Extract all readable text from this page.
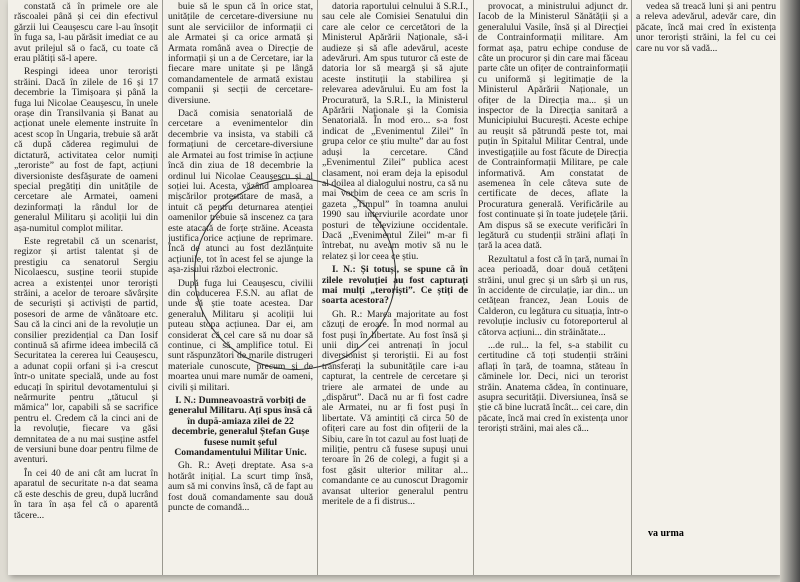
constată că în primele ore ale răscoalei până și cei din efectivul gărzii lui Ceaușescu care l-au însoțit în fuga sa, l-au părăsit imediat ce au avut prilejul să o facă, cu toate că erau plătiți să-l apere.

Respingi ideea unor teroriști străini. Dacă în zilele de 16 și 17 decembrie la Timișoara și până la fuga lui Nicolae Ceaușescu, în unele orașe din Transilvania și Banat au acționat unele elemente instruite în acest scop în Ungaria, trebuie să arăt că după căderea regimului de dictatură, activitatea celor numiți „teroriste” au fost de fapt, acțiuni diversioniste desfășurate de oameni special pregătiți din unitățile de cercetare ale Armatei, oameni dezinformați la rândul lor de generalul Militaru și acoliții lui din așa-numitul complot militar.

Este regretabil că un scenarist, regizor și artist talentat și de prestigiu ca senatorul Sergiu Nicolaescu, susține teorii stupide acrea a existenței unor teroriști străini, a acelor de teroare săvârșite de securiști și activiști de partid, posesori de arme de vânătoare etc. Sau că la cinci ani de la revoluție un consilier prezidențial ca Dan Iosif continuă să afirme ideea imbecilă că Securitatea la cererea lui Ceaușescu, a adunat copii orfani și i-a crescut într-o unitate specială, unde au fost educați în spiritul devotamentului și neărmurite pentru „tătucul și mămica” lor, capabili să se sacrifice pentru el. Credem că la cinci ani de la revoluție, fiecare va găsi demnitatea de a nu mai susține astfel de versiuni bune doar pentru filme de aventuri.

În cei 40 de ani cât am lucrat în aparatul de securitate n-a dat seama că este deschis de greu, după lucrând în tara în așa fel că o aparentă tăcere...

buie să le spun că în orice stat, unitățile de cercetare-diversiune nu sunt ale serviciilor de informații ci ale Armatei și ca orice armată și Armata română avea o Direcție de informații și un a de Cercetare, iar la fiecare mare unitate și pe lângă comandamentele de armată existau companii și secții de cercetare-diversiune.

Dacă comisia senatorială de cercetare a evenimentelor din decembrie va insista, va stabili că formațiuni de cercetare-diversiune ale Armatei au fost trimise în acțiune încă din ziua de 18 decembrie la ordinul lui Nicolae Ceaușescu și al soției lui. Acesta, văzând amploarea mișcărilor protestatare de masă, a intuit că pentru deturnarea atenției oamenilor trebuie să inscenez ca țara este atacată de forțe străine. Aceasta justifica orice acțiune de reprimare. Încă de atunci au fost dezlănțuite acțiunile, tot în acest fel se ajunge la așa-zisului război electronic.

După fuga lui Ceaușescu, civilii din conducerea F.S.N. au aflat de unde să știe toate acestea. Dar generalul Militaru și acoliții lui puteau stopa acțiunea. Dar ei, am considerat că cel care să nu doar să continue, ci să amplifice totul. Ei sunt răspunzători de marile distrugeri materiale cunoscute, precum și de moartea unui mare număr de oameni, civili și militari.

I. N.: Dumneavoastră vorbiți de generalul Militaru. Ați spus însă că în după-amiaza zilei de 22 decembrie, generalul Ștefan Gușe fusese numit șeful Comandamentului Militar Unic.

Gh. R.: Aveți dreptate. Asa s-a hotărât inițial. La scurt timp însă, aum să mi convins însă, că de fapt au fost două comandamente sau două puncte de comandă...

datoria raportului celnului ă S.R.I., sau cele ale Comisiei Senatului din care ale celor ce cercetători de la Ministerul Apărării Naționale, să-i audieze și să afle adevărul, aceste adevăruri. Am spus tuturor că este de datoria lor să meargă și să ajute aceste instituții la stabilirea și relevarea adevărului. Eu am fost la Procuratură, la S.R.I., la Ministerul Apărării Naționale și la Comisia Senatorială. În mod ero... s-a fost indicat de „Evenimentul Zilei” în grupa celor ce știu multe” dar au fost aduși la cercetare. Când „Evenimentul Zilei” publica acest clasament, noi eram deja la episodul al doilea al dialogului nostru, ca să nu mai vorbim de ceea ce am scris în gazeta „Timpul” în toamna anului 1990 sau interviurile acordate unor posturi de televiziune occidentale. Dacă „Evenimentul Zilei” m-ar fi întrebat, nu aveam motiv să nu le relatez și lor ceea ce știu.

I. N.: Și totuși, se spune că în zilele revoluției au fost capturați mai mulți „teroriști”. Ce știți de soarta acestora?

Gh. R.: Marea majoritate au fost căzuți de eroare. În mod normal au fost puși în libertate. Au fost însă și unii din cei antrenați în jocul diversionist și teroriștii. Ei au fost transferați la subunitățile care i-au capturat, la centrele de cercetare și triere ale armatei de unde au „dispărut”. Dacă nu ar fi fost cadre ale Armatei, nu ar fi fost puși în libertate. Vă amintiți că circa 50 de ofițeri care au fost din ofițerii de la Sibiu, care în tot cazul au fost luați de miliție, pentru că fusese supuși unui teroare în 26 de colegi, a fugit și a fost găsit ulterior militar al... comandante ce au cunoscut Dragomir avansat ulterior generalul pentru meritele de a fi distrus...

provocat, a ministrului adjunct dr. Iacob de la Ministerul Sănătății și a generalului Vasile, însă și al Direcției de Contrainformații militare. Am format așa, patru echipe conduse de câte un procuror și din care mai făceau parte câte un ofițer de contrainformații cu uniformă și legitimație de la Ministerul Apărării Naționale, un ofițer de la Direcția ma... și un inspector de la Direcția sanitară a Municipiului București. Aceste echipe au reușit să pătrundă peste tot, mai puțin în Spitalul Militar Central, unde investigațiile au fost făcute de Direcția de Contrainformații Militare, pe cale informativă. Am constatat de asemenea în cele câteva sute de certificate de deces, aflate la Procuratura generală. Verificările au fost continuate și în toate județele țării. Am dispus să se execute verificări în legătură cu studenții străini aflați în țară la acea dată.

Rezultatul a fost că în țară, numai în acea perioadă, doar două cetățeni străini, unul grec și un sârb și un rus, în accidente de circulație, iar din... un cetățean francez, Jean Louis de Calderon, cu legătura cu situația, într-o revoluție inclusiv cu fotoreporterul al cătorva acțiuni... din străinătate...

...de rul... la fel, s-a stabilit cu certitudine că toți studenții străini aflați în țară, de toamna, stăteau în căminele lor. Deci, nici un terorist străin. Anatema cădea, în continuare, asupra securității. Diversiunea, însă se știe că bine lucrată încât... cei care, din păcate, încă mai cred în existența unor teroriști străini, mai ales că...

vedea să treacă luni și ani pentru a releva adevărul, adevăr care, din păcate, încă mai cred în existența unor teroriști străini, la fel cu cei care nu vor să vadă...

va urma
